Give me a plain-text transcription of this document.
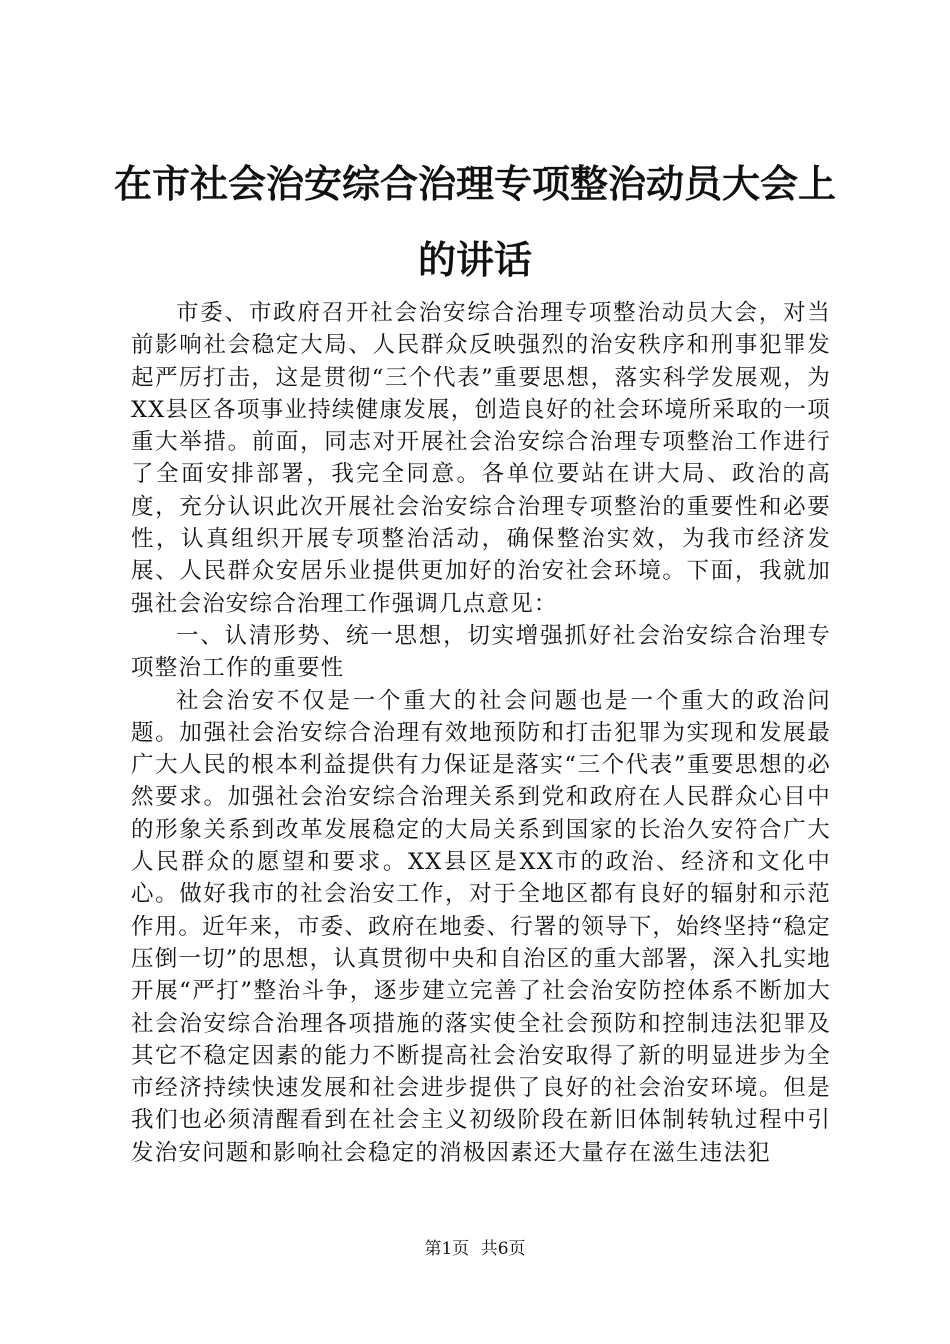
在市社会治安综合治理专项整治动员大会上的讲话

市委、市政府召开社会治安综合治理专项整治动员大会，对当前影响社会稳定大局、人民群众反映强烈的治安秩序和刑事犯罪发起严厉打击，这是贯彻“三个代表”重要思想，落实科学发展观，为XX县区各项事业持续健康发展，创造良好的社会环境所采取的一项重大举措。前面，同志对开展社会治安综合治理专项整治工作进行了全面安排部署，我完全同意。各单位要站在讲大局、政治的高度，充分认识此次开展社会治安综合治理专项整治的重要性和必要性，认真组织开展专项整治活动，确保整治实效，为我市经济发展、人民群众安居乐业提供更加好的治安社会环境。下面，我就加强社会治安综合治理工作强调几点意见：

一、认清形势、统一思想，切实增强抓好社会治安综合治理专项整治工作的重要性

社会治安不仅是一个重大的社会问题也是一个重大的政治问题。加强社会治安综合治理有效地预防和打击犯罪为实现和发展最广大人民的根本利益提供有力保证是落实“三个代表”重要思想的必然要求。加强社会治安综合治理关系到党和政府在人民群众心目中的形象关系到改革发展稳定的大局关系到国家的长治久安符合广大人民群众的愿望和要求。XX县区是XX市的政治、经济和文化中心。做好我市的社会治安工作，对于全地区都有良好的辐射和示范作用。近年来，市委、政府在地委、行署的领导下，始终坚持“稳定压倒一切”的思想，认真贯彻中央和自治区的重大部署，深入扎实地开展“严打”整治斗争，逐步建立完善了社会治安防控体系不断加大社会治安综合治理各项措施的落实使全社会预防和控制违法犯罪及其它不稳定因素的能力不断提高社会治安取得了新的明显进步为全市经济持续快速发展和社会进步提供了良好的社会治安环境。但是我们也必须清醒看到在社会主义初级阶段在新旧体制转轨过程中引发治安问题和影响社会稳定的消极因素还大量存在滋生违法犯

第1页 共6页
